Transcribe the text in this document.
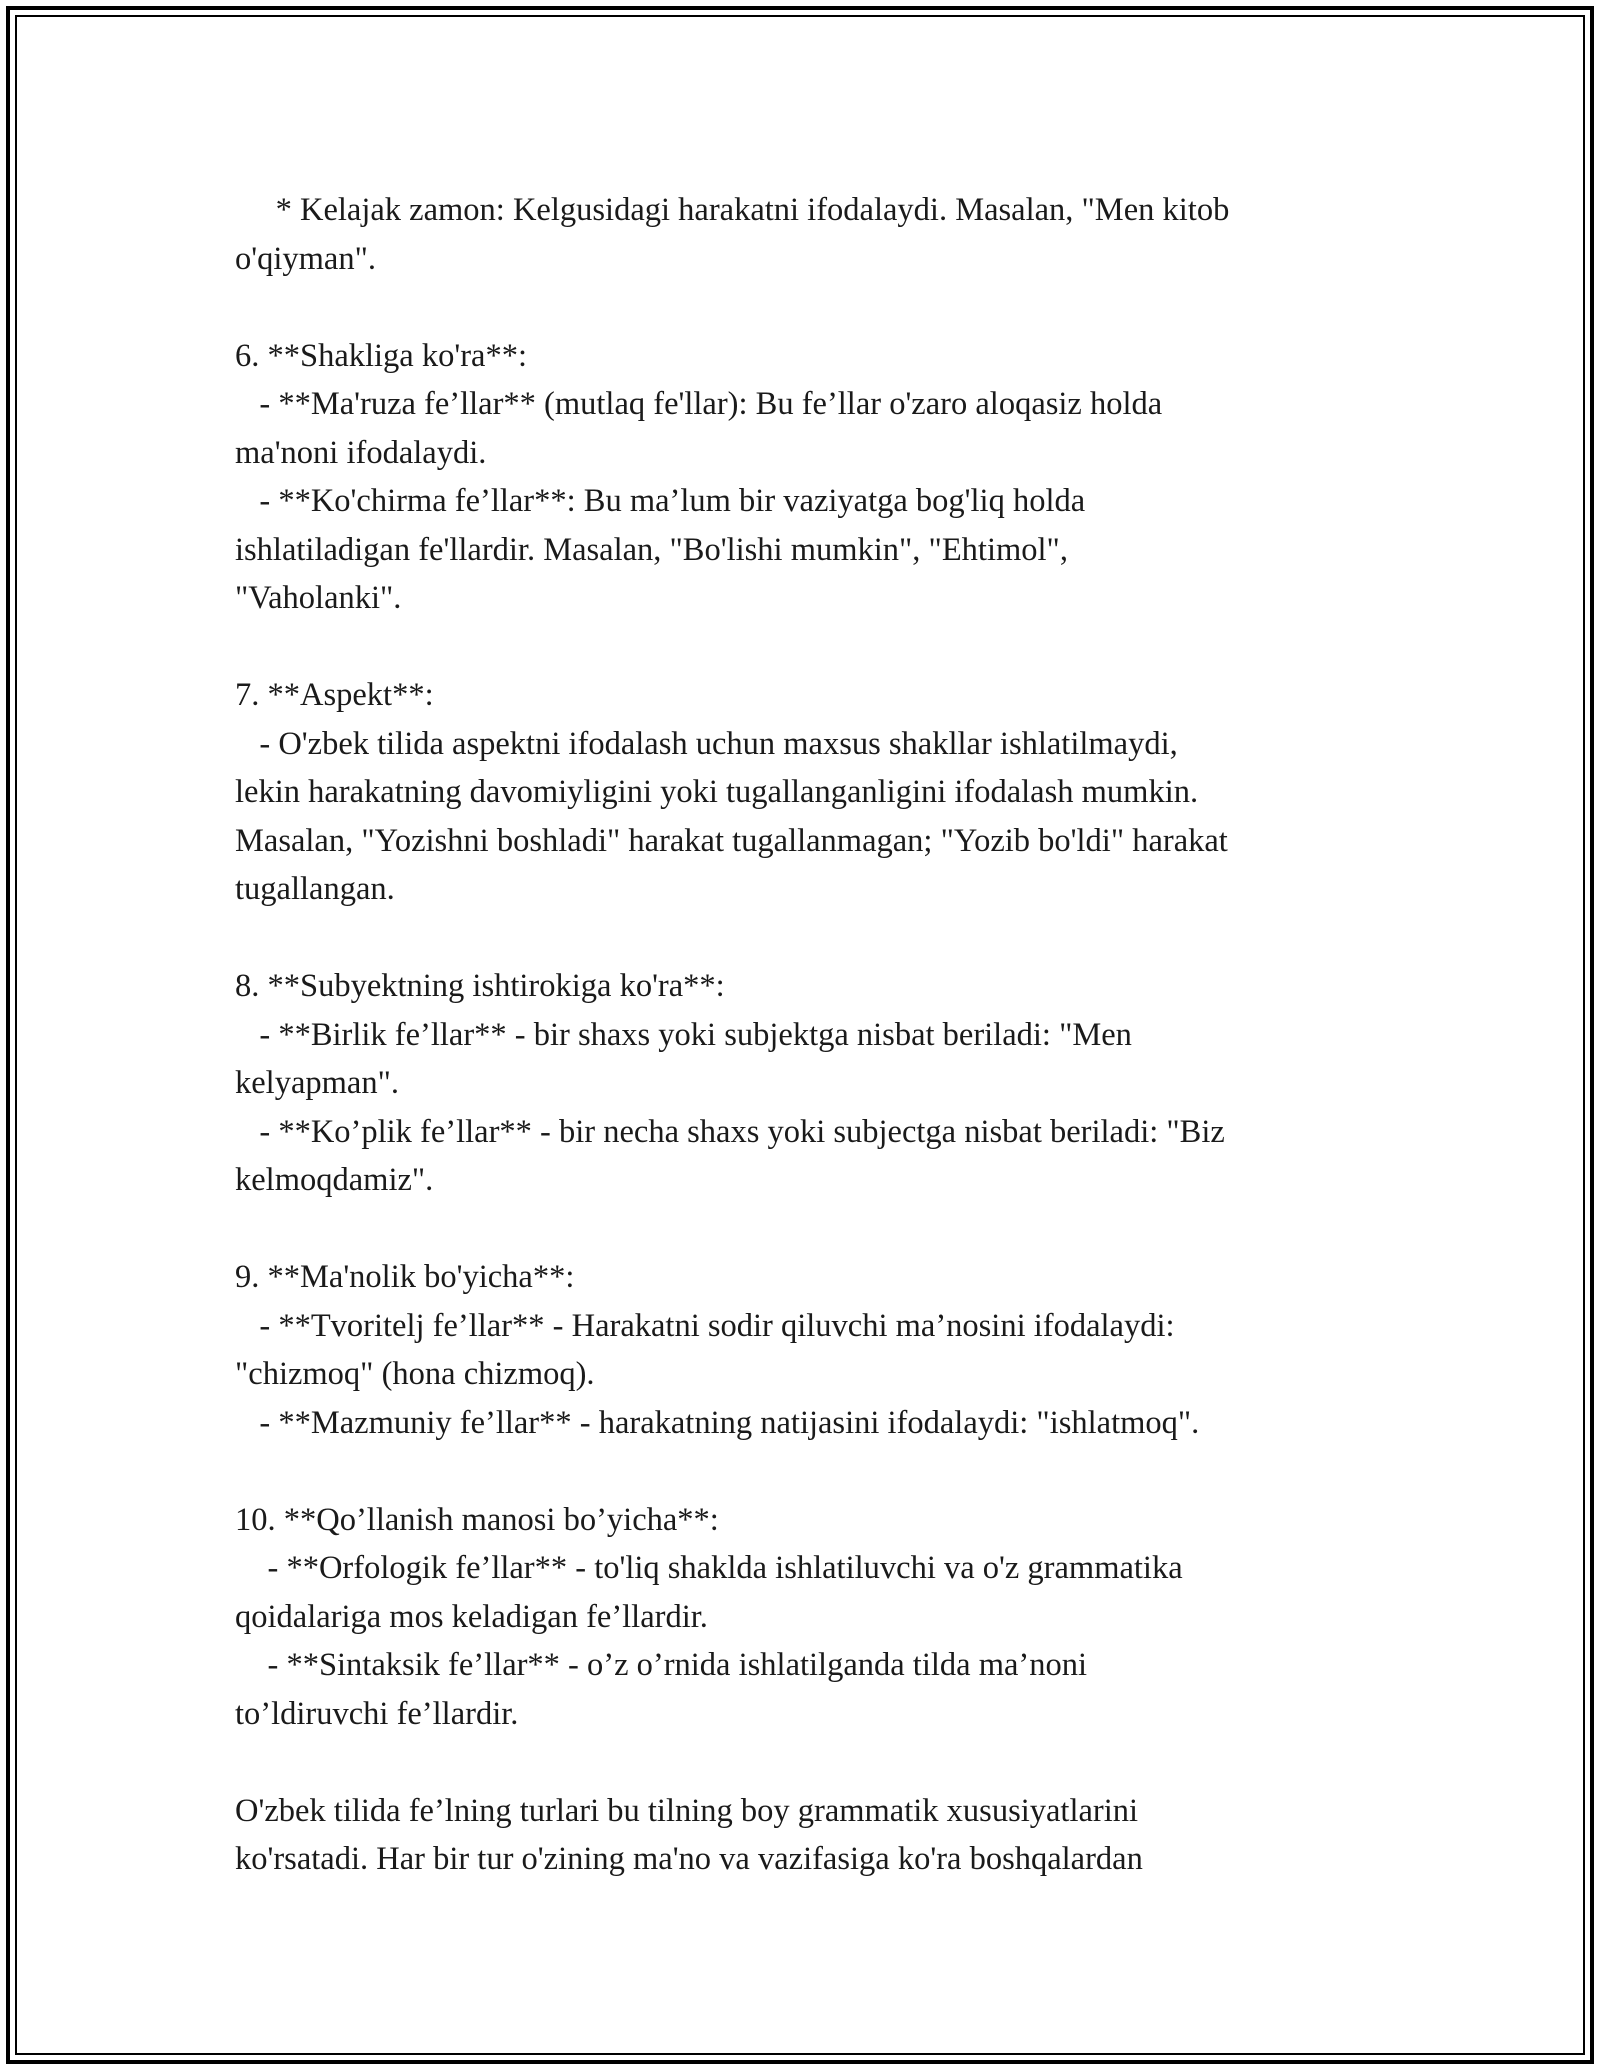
* Kelajak zamon: Kelgusidagi harakatni ifodalaydi. Masalan, "Men kitob
o'qiyman".
6. **Shakliga ko'ra**:
- **Ma'ruza fe’llar** (mutlaq fe'llar): Bu fe’llar o'zaro aloqasiz holda
ma'noni ifodalaydi.
- **Ko'chirma fe’llar**: Bu ma’lum bir vaziyatga bog'liq holda
ishlatiladigan fe'llardir. Masalan, "Bo'lishi mumkin", "Ehtimol",
"Vaholanki".
7. **Aspekt**:
- O'zbek tilida aspektni ifodalash uchun maxsus shakllar ishlatilmaydi,
lekin harakatning davomiyligini yoki tugallanganligini ifodalash mumkin.
Masalan, "Yozishni boshladi" harakat tugallanmagan; "Yozib bo'ldi" harakat
tugallangan.
8. **Subyektning ishtirokiga ko'ra**:
- **Birlik fe’llar** - bir shaxs yoki subjektga nisbat beriladi: "Men
kelyapman".
- **Ko’plik fe’llar** - bir necha shaxs yoki subjectga nisbat beriladi: "Biz
kelmoqdamiz".
9. **Ma'nolik bo'yicha**:
- **Tvoritelj fe’llar** - Harakatni sodir qiluvchi ma’nosini ifodalaydi:
"chizmoq" (hona chizmoq).
- **Mazmuniy fe’llar** - harakatning natijasini ifodalaydi: "ishlatmoq".
10. **Qo’llanish manosi bo’yicha**:
- **Orfologik fe’llar** - to'liq shaklda ishlatiluvchi va o'z grammatika
qoidalariga mos keladigan fe’llardir.
- **Sintaksik fe’llar** - o’z o’rnida ishlatilganda tilda ma’noni
to’ldiruvchi fe’llardir.
O'zbek tilida fe’lning turlari bu tilning boy grammatik xususiyatlarini
ko'rsatadi. Har bir tur o'zining ma'no va vazifasiga ko'ra boshqalardan
